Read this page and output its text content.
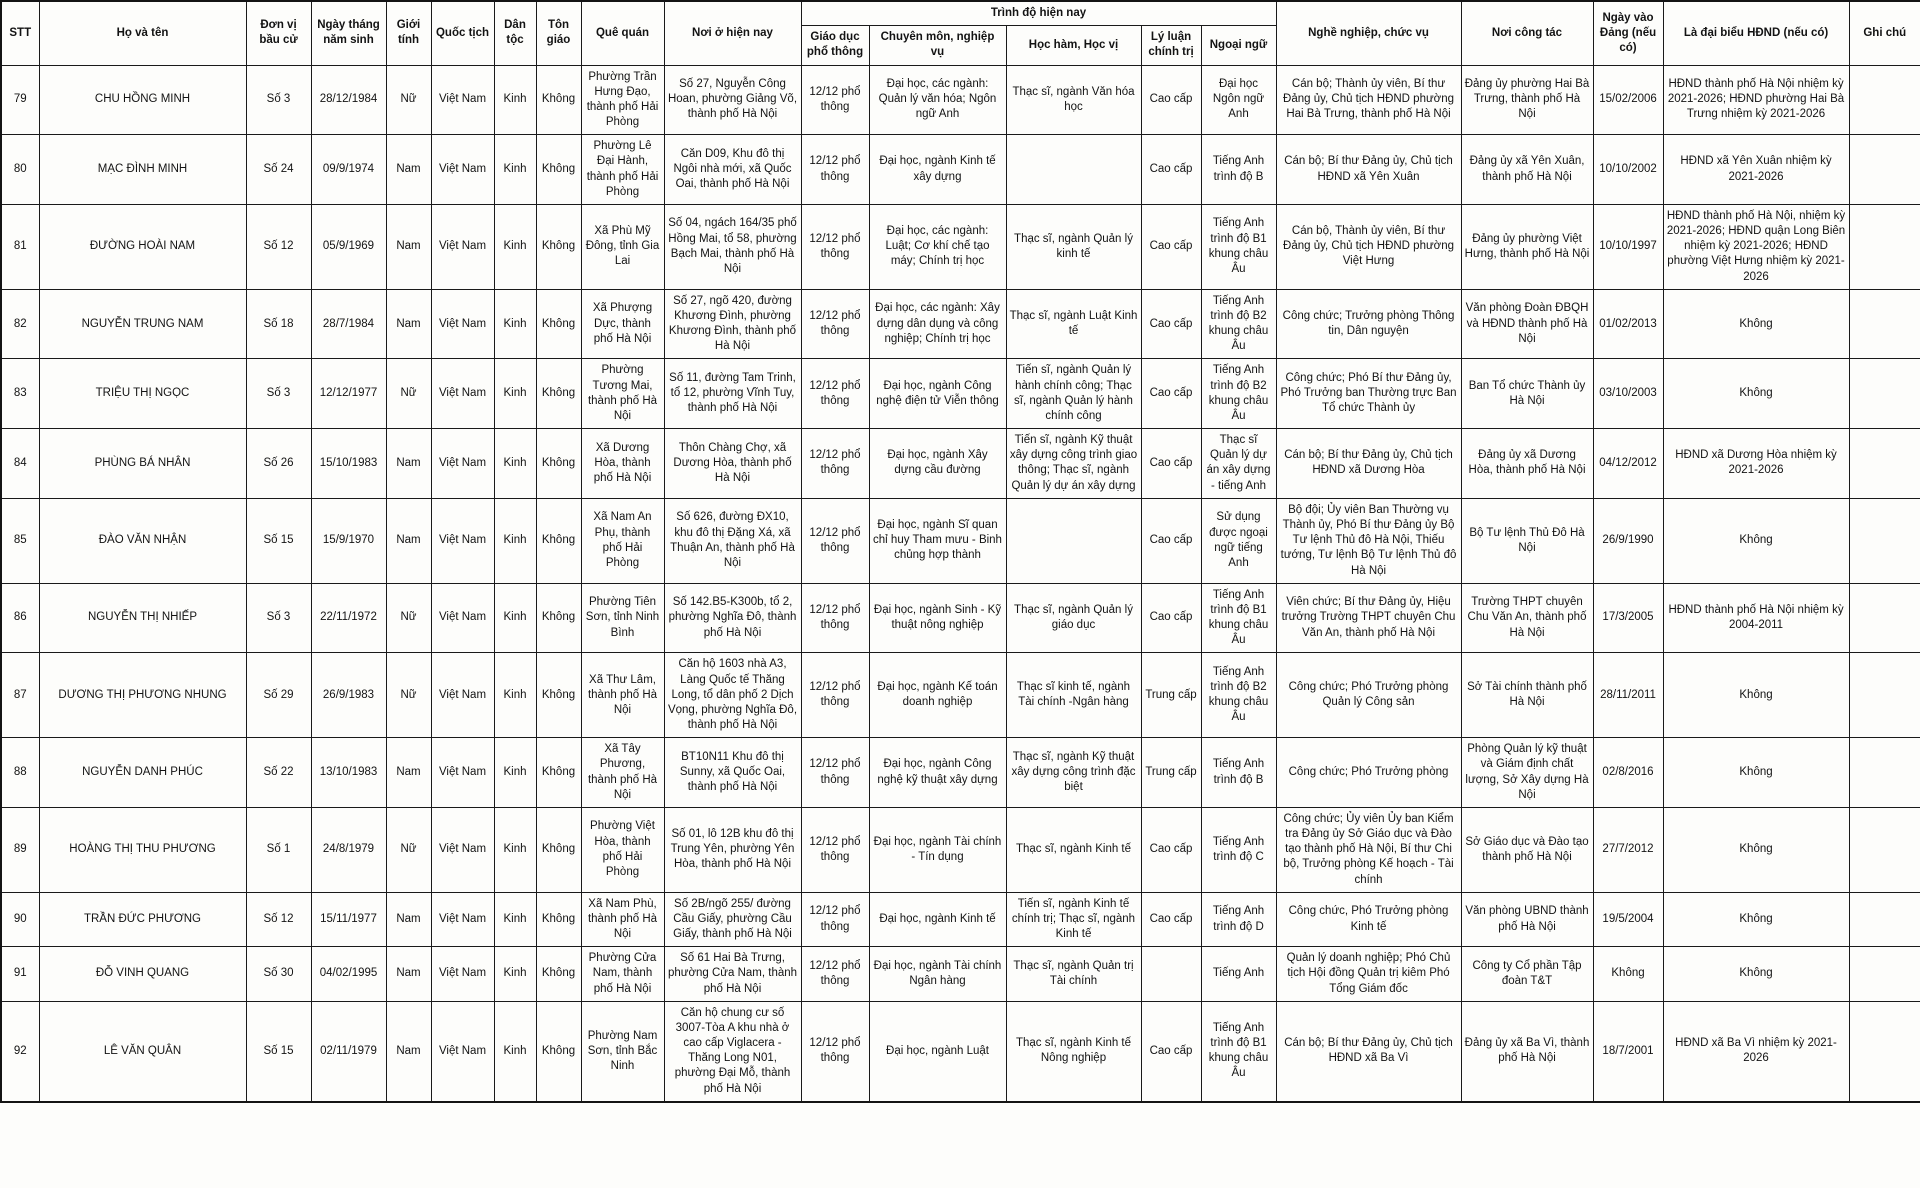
STT	Họ và tên	Đơn vị bầu cử	Ngày tháng năm sinh	Giới tính	Quốc tịch	Dân tộc	Tôn giáo	Quê quán	Nơi ở hiện nay	Trình độ hiện nay					Nghề nghiệp, chức vụ	Nơi công tác	Ngày vào Đảng (nếu có)	Là đại biểu HĐND (nếu có)	Ghi chú
										Giáo dục phổ thông	Chuyên môn, nghiệp vụ	Học hàm, Học vị	Lý luận chính trị	Ngoại ngữ					
79	CHU HỒNG MINH	Số 3	28/12/1984	Nữ	Việt Nam	Kinh	Không	Phường Trần Hưng Đạo, thành phố Hải Phòng	Số 27, Nguyễn Công Hoan, phường Giảng Võ, thành phố Hà Nội	12/12 phổ thông	Đại học, các ngành: Quản lý văn hóa; Ngôn ngữ Anh	Thạc sĩ, ngành Văn hóa học	Cao cấp	Đại học Ngôn ngữ Anh	Cán bộ; Thành ủy viên, Bí thư Đảng ủy, Chủ tịch HĐND phường Hai Bà Trưng, thành phố Hà Nội	Đảng ủy phường Hai Bà Trưng, thành phố Hà Nội	15/02/2006	HĐND thành phố Hà Nội nhiệm kỳ 2021-2026; HĐND phường Hai Bà Trưng nhiệm kỳ 2021-2026	
80	MẠC ĐÌNH MINH	Số 24	09/9/1974	Nam	Việt Nam	Kinh	Không	Phường Lê Đại Hành, thành phố Hải Phòng	Căn D09, Khu đô thị Ngôi nhà mới, xã Quốc Oai, thành phố Hà Nội	12/12 phổ thông	Đại học, ngành Kinh tế xây dựng		Cao cấp	Tiếng Anh trình độ B	Cán bộ; Bí thư Đảng ủy, Chủ tịch HĐND xã Yên Xuân	Đảng ủy xã Yên Xuân, thành phố Hà Nội	10/10/2002	HĐND xã Yên Xuân nhiệm kỳ 2021-2026	
81	ĐƯỜNG HOÀI NAM	Số 12	05/9/1969	Nam	Việt Nam	Kinh	Không	Xã Phù Mỹ Đông, tỉnh Gia Lai	Số 04, ngách 164/35 phố Hồng Mai, tổ 58, phường Bạch Mai, thành phố Hà Nội	12/12 phổ thông	Đại học, các ngành: Luật; Cơ khí chế tạo máy; Chính trị học	Thạc sĩ, ngành Quản lý kinh tế	Cao cấp	Tiếng Anh trình độ B1 khung châu Âu	Cán bộ, Thành ủy viên, Bí thư Đảng ủy, Chủ tịch HĐND phường Việt Hưng	Đảng ủy phường Việt Hưng, thành phố Hà Nội	10/10/1997	HĐND thành phố Hà Nội, nhiệm kỳ 2021-2026; HĐND quận Long Biên nhiệm kỳ 2021-2026; HĐND phường Việt Hưng nhiệm kỳ 2021-2026	
82	NGUYỄN TRUNG NAM	Số 18	28/7/1984	Nam	Việt Nam	Kinh	Không	Xã Phượng Dực, thành phố Hà Nội	Số 27, ngõ 420, đường Khương Đình, phường Khương Đình, thành phố Hà Nội	12/12 phổ thông	Đại học, các ngành: Xây dựng dân dụng và công nghiệp; Chính trị học	Thạc sĩ, ngành Luật Kinh tế	Cao cấp	Tiếng Anh trình độ B2 khung châu Âu	Công chức; Trưởng phòng Thông tin, Dân nguyện	Văn phòng Đoàn ĐBQH và HĐND thành phố Hà Nội	01/02/2013	Không	
83	TRIỆU THỊ NGỌC	Số 3	12/12/1977	Nữ	Việt Nam	Kinh	Không	Phường Tương Mai, thành phố Hà Nội	Số 11, đường Tam Trinh, tổ 12, phường Vĩnh Tuy, thành phố Hà Nội	12/12 phổ thông	Đại học, ngành Công nghệ điện tử Viễn thông	Tiến sĩ, ngành Quản lý hành chính công; Thạc sĩ, ngành Quản lý hành chính công	Cao cấp	Tiếng Anh trình độ B2 khung châu Âu	Công chức; Phó Bí thư Đảng ủy, Phó Trưởng ban Thường trực Ban Tổ chức Thành ủy	Ban Tổ chức Thành ủy Hà Nội	03/10/2003	Không	
84	PHÙNG BÁ NHÂN	Số 26	15/10/1983	Nam	Việt Nam	Kinh	Không	Xã Dương Hòa, thành phố Hà Nội	Thôn Chàng Chợ, xã Dương Hòa, thành phố Hà Nội	12/12 phổ thông	Đại học, ngành Xây dựng cầu đường	Tiến sĩ, ngành Kỹ thuật xây dựng công trình giao thông; Thạc sĩ, ngành Quản lý dự án xây dựng	Cao cấp	Thạc sĩ Quản lý dự án xây dựng - tiếng Anh	Cán bộ; Bí thư Đảng ủy, Chủ tịch HĐND xã Dương Hòa	Đảng ủy xã Dương Hòa, thành phố Hà Nội	04/12/2012	HĐND xã Dương Hòa nhiệm kỳ 2021-2026	
85	ĐÀO VĂN NHẬN	Số 15	15/9/1970	Nam	Việt Nam	Kinh	Không	Xã Nam An Phụ, thành phố Hải Phòng	Số 626, đường ĐX10, khu đô thị Đặng Xá, xã Thuận An, thành phố Hà Nội	12/12 phổ thông	Đại học, ngành Sĩ quan chỉ huy Tham mưu - Binh chủng hợp thành		Cao cấp	Sử dụng được ngoại ngữ tiếng Anh	Bộ đội; Ủy viên Ban Thường vụ Thành ủy, Phó Bí thư Đảng ủy Bộ Tư lệnh Thủ đô Hà Nội, Thiếu tướng, Tư lệnh Bộ Tư lệnh Thủ đô Hà Nội	Bộ Tư lệnh Thủ Đô Hà Nội	26/9/1990	Không	
86	NGUYỄN THỊ NHIẾP	Số 3	22/11/1972	Nữ	Việt Nam	Kinh	Không	Phường Tiên Sơn, tỉnh Ninh Bình	Số 142.B5-K300b, tổ 2, phường Nghĩa Đô, thành phố Hà Nội	12/12 phổ thông	Đại học, ngành Sinh - Kỹ thuật nông nghiệp	Thạc sĩ, ngành Quản lý giáo dục	Cao cấp	Tiếng Anh trình độ B1 khung châu Âu	Viên chức; Bí thư Đảng ủy, Hiệu trưởng Trường THPT chuyên Chu Văn An, thành phố Hà Nội	Trường THPT chuyên Chu Văn An, thành phố Hà Nội	17/3/2005	HĐND thành phố Hà Nội nhiệm kỳ 2004-2011	
87	DƯƠNG THỊ PHƯƠNG NHUNG	Số 29	26/9/1983	Nữ	Việt Nam	Kinh	Không	Xã Thư Lâm, thành phố Hà Nội	Căn hộ 1603 nhà A3, Làng Quốc tế Thăng Long, tổ dân phố 2 Dịch Vọng, phường Nghĩa Đô, thành phố Hà Nội	12/12 phổ thông	Đại học, ngành Kế toán doanh nghiệp	Thạc sĩ kinh tế, ngành Tài chính -Ngân hàng	Trung cấp	Tiếng Anh trình độ B2 khung châu Âu	Công chức; Phó Trưởng phòng Quản lý Công sản	Sở Tài chính thành phố Hà Nội	28/11/2011	Không	
88	NGUYỄN DANH PHÚC	Số 22	13/10/1983	Nam	Việt Nam	Kinh	Không	Xã Tây Phương, thành phố Hà Nội	BT10N11 Khu đô thị Sunny, xã Quốc Oai, thành phố Hà Nội	12/12 phổ thông	Đại học, ngành Công nghệ kỹ thuật xây dựng	Thạc sĩ, ngành Kỹ thuật xây dựng công trình đặc biệt	Trung cấp	Tiếng Anh trình độ B	Công chức; Phó Trưởng phòng	Phòng Quản lý kỹ thuật và Giám định chất lượng, Sở Xây dựng Hà Nội	02/8/2016	Không	
89	HOÀNG THỊ THU PHƯƠNG	Số 1	24/8/1979	Nữ	Việt Nam	Kinh	Không	Phường Việt Hòa, thành phố Hải Phòng	Số 01, lô 12B khu đô thị Trung Yên, phường Yên Hòa, thành phố Hà Nội	12/12 phổ thông	Đại học, ngành Tài chính - Tín dụng	Thạc sĩ, ngành Kinh tế	Cao cấp	Tiếng Anh trình độ C	Công chức; Ủy viên Ủy ban Kiểm tra Đảng ủy Sở Giáo dục và Đào tạo thành phố Hà Nội, Bí thư Chi bộ, Trưởng phòng Kế hoạch - Tài chính	Sở Giáo dục và Đào tạo thành phố Hà Nội	27/7/2012	Không	
90	TRẦN ĐỨC PHƯƠNG	Số 12	15/11/1977	Nam	Việt Nam	Kinh	Không	Xã Nam Phù, thành phố Hà Nội	Số 2B/ngõ 255/ đường Cầu Giấy, phường Cầu Giấy, thành phố Hà Nội	12/12 phổ thông	Đại học, ngành Kinh tế	Tiến sĩ, ngành Kinh tế chính trị; Thạc sĩ, ngành Kinh tế	Cao cấp	Tiếng Anh trình độ D	Công chức, Phó Trưởng phòng Kinh tế	Văn phòng UBND thành phố Hà Nội	19/5/2004	Không	
91	ĐỖ VINH QUANG	Số 30	04/02/1995	Nam	Việt Nam	Kinh	Không	Phường Cửa Nam, thành phố Hà Nội	Số 61 Hai Bà Trưng, phường Cửa Nam, thành phố Hà Nội	12/12 phổ thông	Đại học, ngành Tài chính Ngân hàng	Thạc sĩ, ngành Quản trị Tài chính		Tiếng Anh	Quản lý doanh nghiệp; Phó Chủ tịch Hội đồng Quản trị kiêm Phó Tổng Giám đốc	Công ty Cổ phần Tập đoàn T&T	Không	Không	
92	LÊ VĂN QUÂN	Số 15	02/11/1979	Nam	Việt Nam	Kinh	Không	Phường Nam Sơn, tỉnh Bắc Ninh	Căn hộ chung cư số 3007-Tòa A khu nhà ở cao cấp Viglacera - Thăng Long N01, phường Đại Mỗ, thành phố Hà Nội	12/12 phổ thông	Đại học, ngành Luật	Thạc sĩ, ngành Kinh tế Nông nghiệp	Cao cấp	Tiếng Anh trình độ B1 khung châu Âu	Cán bộ; Bí thư Đảng ủy, Chủ tịch HĐND xã Ba Vì	Đảng ủy xã Ba Vì, thành phố Hà Nội	18/7/2001	HĐND xã Ba Vì nhiệm kỳ 2021-2026	
